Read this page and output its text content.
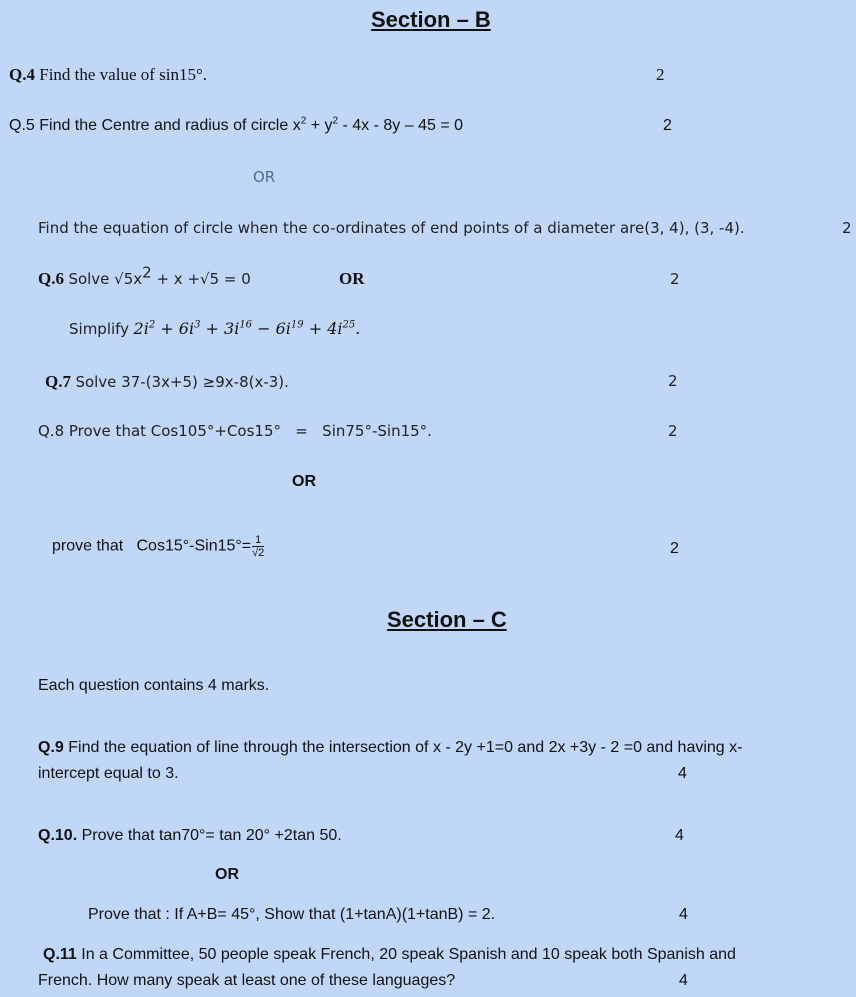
Section – B
Q.4 Find the value of sin15°.	2
Q.5 Find the Centre and radius of circle $x^2 + y^2 - 4x - 8y - 45 = 0$	2
OR
Find the equation of circle when the co-ordinates of end points of a diameter are(3, 4), (3, -4).	2
Q.6 Solve $√5x^2 + x +√5 = 0$	OR	2
Simplify $2i^2 + 6i^3 + 3i^{16} - 6i^{19} + 4i^{25}$.
Q.7 Solve 37-(3x+5) ≥9x-8(x-3).	2
Q.8 Prove that Cos105°+Cos15°   =   Sin75°-Sin15°.	2
OR
prove that   $Cos15^\circ-Sin15^\circ= \frac{1}{√2}$	2
Section – C
Each question contains 4 marks.
Q.9 Find the equation of line through the intersection of x - 2y +1=0 and 2x +3y - 2 =0 and having x-
intercept equal to 3.	4
Q.10. Prove that tan70°= tan 20° +2tan 50.	4
OR
Prove that : If A+B= 45°, Show that (1+tanA)(1+tanB) = 2.	4
Q.11 In a Committee, 50 people speak French, 20 speak Spanish and 10 speak both Spanish and
French. How many speak at least one of these languages?	4
